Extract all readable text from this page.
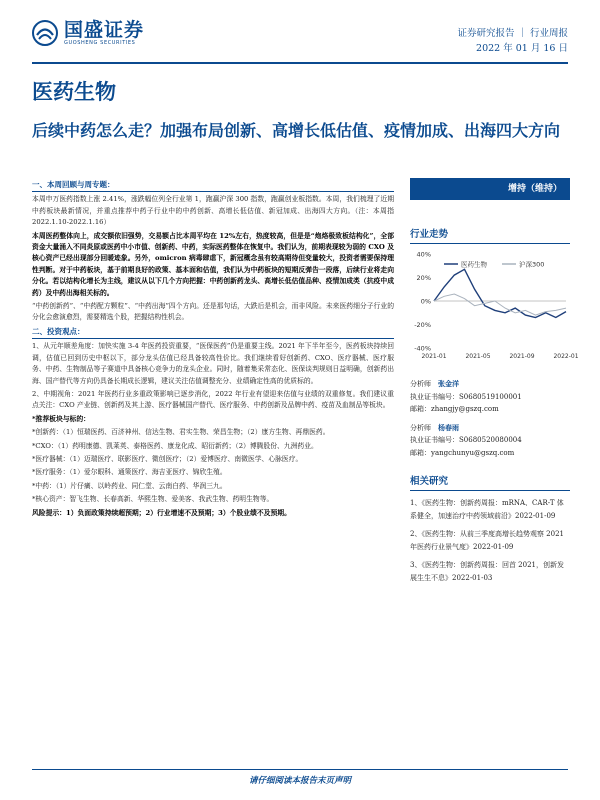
国盛证券
GUOSHENG SECURITIES
证券研究报告 ｜ 行业周报
2022 年 01 月 16 日
医药生物
后续中药怎么走？加强布局创新、高增长低估值、疫情加成、出海四大方向
一、本周回顾与周专题：

本周申万医药指数上涨 2.41%，涨跌幅位列全行业第 1，跑赢沪深 300 指数，跑赢创业板指数。本周，我们梳理了近期中药板块最新情况，并重点推荐中药子行业中的中药创新、高增长低估值、新冠加成、出海四大方向。（注：本周指 2022.1.10-2022.1.16）

本周医药整体向上，成交额依旧强势，交易额占比本周平均在 12%左右，热度较高，但是是“炮烙极致板结构化”，全部资金大量涌入不同炎原或医药中小市值、创新药、中药，实际医药整体在恢复中。我们认为，前期表现较为弱的 CXO 及核心资产已经出现部分回暖迹象。另外，omicron 病毒肆虐下，新冠概念虽有较高期待但变量较大，投资者需要保持理性判断。对于中药板块，基于前期良好的政策、基本面和估值，我们认为中药板块的短期反弹告一段落，后续行业将走向分化。若以结构化增长为主线，建议从以下几个方向把握：中药创新药龙头、高增长低估值品种、疫情加成类（抗疫中成药）及中药出海相关标的。

“中药创新药”、“中药配方颗粒”、“中药出海”四个方向。还是那句话，大跌后是机会，而非风险。未来医药细分子行业的分化会愈演愈烈，需要精选个股，把握结构性机会。

二、投资观点：

1、从元年顺差角度：加快实施 3-4 年医药投资重要，“医保医药”仍是重要主线。2021 年下半年至今，医药板块持续回调，估值已回到历史中枢以下，部分龙头估值已经具备较高性价比。我们继续看好创新药、CXO、医疗器械、医疗服务、中药、生物制品等子赛道中具备核心竞争力的龙头企业。同时，随着集采常态化、医保谈判规则日益明确，创新药出海、国产替代等方向仍具备长期成长逻辑，建议关注估值调整充分、业绩确定性高的优质标的。

2、中期视角：2021 年医药行业多重政策影响已逐步消化，2022 年行业有望迎来估值与业绩的双重修复。我们建议重点关注：CXO 产业链、创新药及其上游、医疗器械国产替代、医疗服务、中药创新及品牌中药、疫苗及血制品等板块。

*推荐板块与标的：

*创新药：（1）恒瑞医药、百济神州、信达生物、君实生物、荣昌生物；（2）康方生物、再鼎医药。

*CXO：（1）药明康德、凯莱英、泰格医药、康龙化成、昭衍新药；（2）博腾股份、九洲药业。

*医疗器械：（1）迈瑞医疗、联影医疗、微创医疗；（2）爱博医疗、南微医学、心脉医疗。

*医疗服务：（1）爱尔眼科、通策医疗、海吉亚医疗、锦欣生殖。

*中药：（1）片仔癀、以岭药业、同仁堂、云南白药、华润三九。

*核心资产：智飞生物、长春高新、华熙生物、爱美客、我武生物、药明生物等。

风险提示：1）负面政策持续超预期；2）行业增速不及预期；3）个股业绩不及预期。

增持（维持）
行业走势
40%
20%
0%
-20%
-40%
2021-01	2021-05	2021-09	2022-01
医药生物	沪深300
分析师　 张金洋
执业证书编号：S0680519100001
邮箱：zhangjy@gszq.com
分析师　 杨春雨
执业证书编号：S0680520080004
邮箱：yangchunyu@gszq.com
相关研究
1、《医药生物：创新药周报：mRNA、CAR-T 体系健全，加速治疗中药领域前沿》2022-01-09
2、《医药生物：从前三季度高增长趋势观察 2021 年医药行业景气度》2022-01-09
3、《医药生物：创新药周报：回首 2021，创新发展生生不息》2022-01-03
请仔细阅读本报告末页声明
